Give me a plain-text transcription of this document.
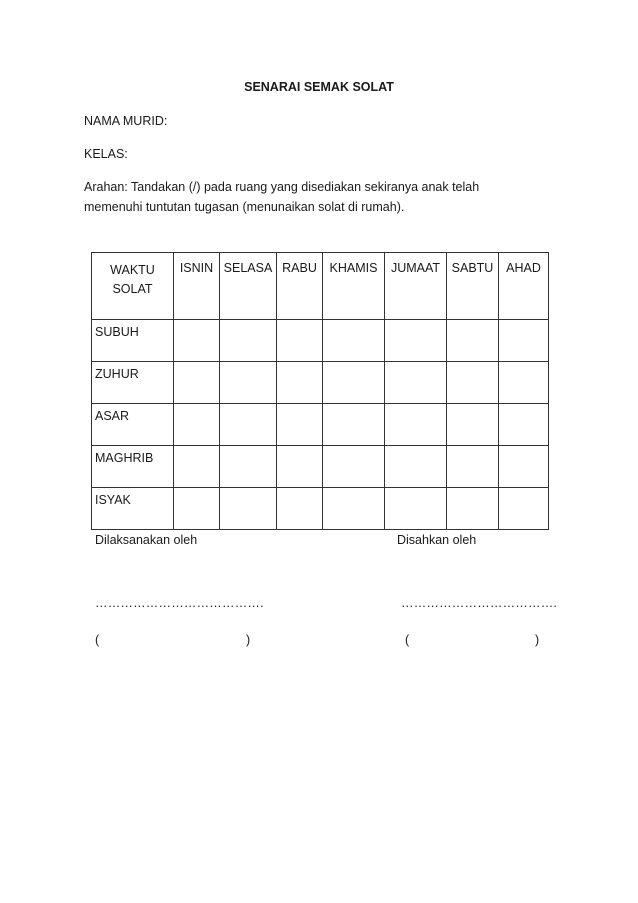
SENARAI SEMAK SOLAT
NAMA MURID:
KELAS:
Arahan: Tandakan (/) pada ruang yang disediakan sekiranya anak telah
memenuhi tuntutan tugasan (menunaikan solat di rumah).
WAKTU SOLAT	ISNIN	SELASA	RABU	KHAMIS	JUMAAT	SABTU	AHAD
SUBUH							
ZUHUR							
ASAR							
MAGHRIB							
ISYAK							
Dilaksanakan oleh	Disahkan oleh
………………………………….	……………………………….
(	)	(	)
